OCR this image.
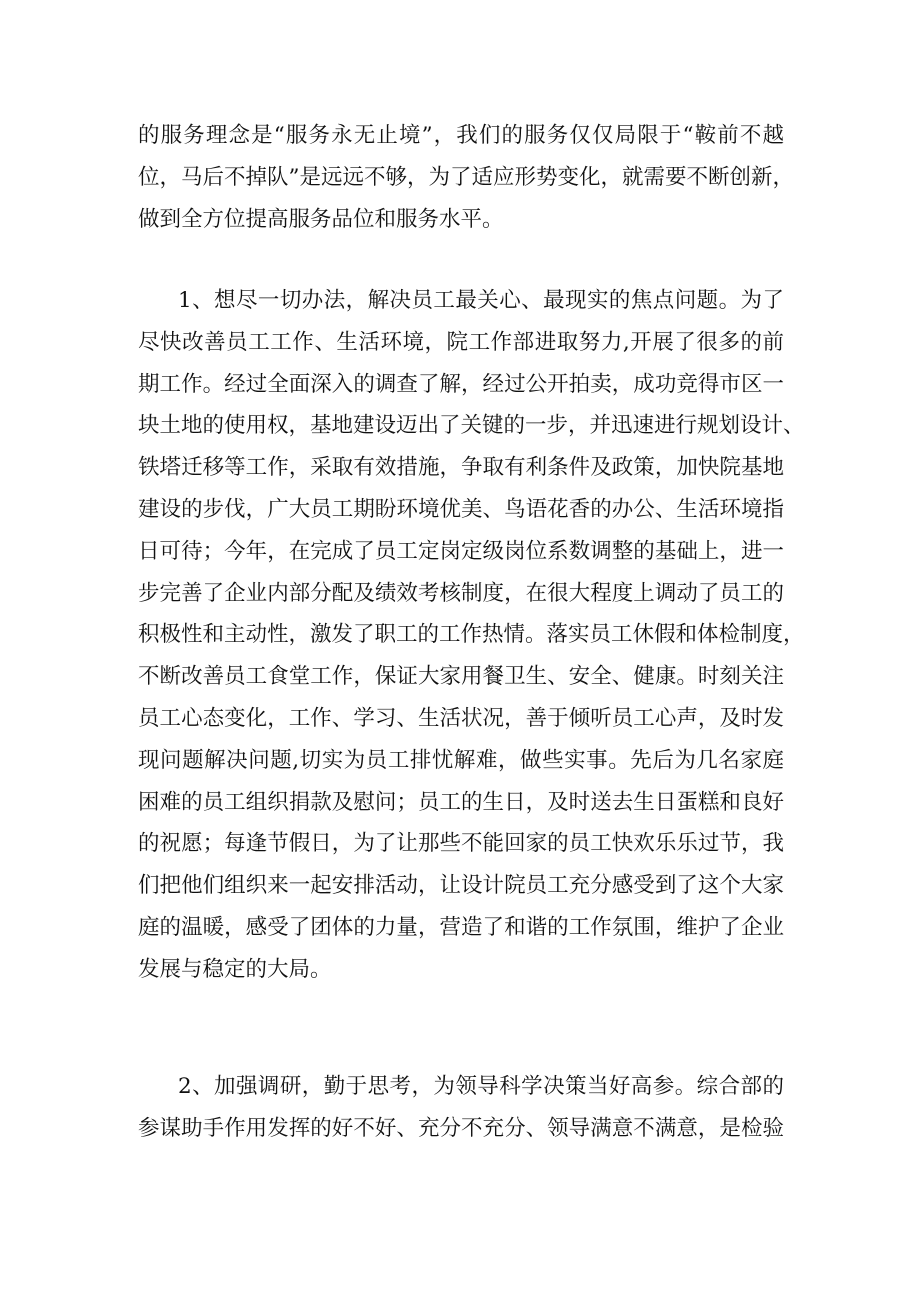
的服务理念是“服务永无止境”，我们的服务仅仅局限于“鞍前不越
位，马后不掉队”是远远不够，为了适应形势变化，就需要不断创新，
做到全方位提高服务品位和服务水平。
1、想尽一切办法，解决员工最关心、最现实的焦点问题。为了
尽快改善员工工作、生活环境，院工作部进取努力,开展了很多的前
期工作。经过全面深入的调查了解，经过公开拍卖，成功竞得市区一
块土地的使用权，基地建设迈出了关键的一步，并迅速进行规划设计、
铁塔迁移等工作，采取有效措施，争取有利条件及政策，加快院基地
建设的步伐，广大员工期盼环境优美、鸟语花香的办公、生活环境指
日可待；今年，在完成了员工定岗定级岗位系数调整的基础上，进一
步完善了企业内部分配及绩效考核制度，在很大程度上调动了员工的
积极性和主动性，激发了职工的工作热情。落实员工休假和体检制度，
不断改善员工食堂工作，保证大家用餐卫生、安全、健康。时刻关注
员工心态变化，工作、学习、生活状况，善于倾听员工心声，及时发
现问题解决问题,切实为员工排忧解难，做些实事。先后为几名家庭
困难的员工组织捐款及慰问；员工的生日，及时送去生日蛋糕和良好
的祝愿；每逢节假日，为了让那些不能回家的员工快欢乐乐过节，我
们把他们组织来一起安排活动，让设计院员工充分感受到了这个大家
庭的温暖，感受了团体的力量，营造了和谐的工作氛围，维护了企业
发展与稳定的大局。
2、加强调研，勤于思考，为领导科学决策当好高参。综合部的
参谋助手作用发挥的好不好、充分不充分、领导满意不满意，是检验
